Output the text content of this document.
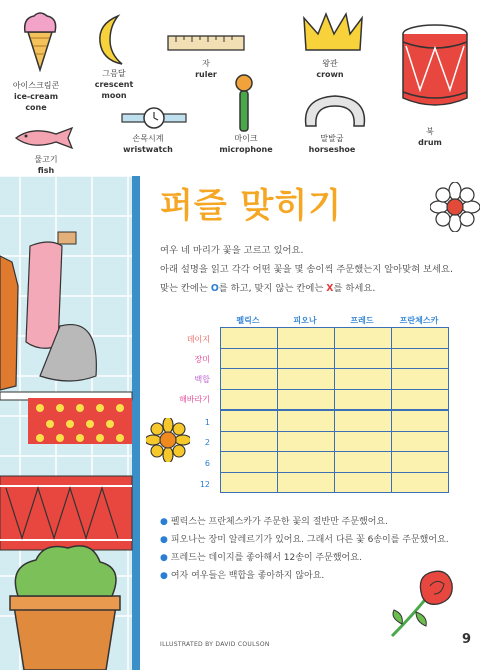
아이스크림콘
ice-cream
cone
그믐달
crescent
moon
자
ruler
왕관
crown
북
drum
손목시계
wristwatch
마이크
microphone
말발굽
horseshoe
물고기
fish
퍼즐 맞히기
여우 네 마리가 꽃을 고르고 있어요.
아래 설명을 읽고 각각 어떤 꽃을 몇 송이씩 주문했는지 알아맞혀 보세요.
맞는 칸에는 O를 하고, 맞지 않는 칸에는 X를 하세요.
펠릭스	피오나	프레드	프란체스카
데이지
장미
백합
해바라기
1
2
6
12

● 펠릭스는 프란체스카가 주문한 꽃의 절반만 주문했어요.
● 피오나는 장미 알레르기가 있어요. 그래서 다른 꽃 6송이를 주문했어요.
● 프레드는 데이지를 좋아해서 12송이 주문했어요.
● 여자 여우들은 백합을 좋아하지 않아요.
ILLUSTRATED BY DAVID COULSON	9
